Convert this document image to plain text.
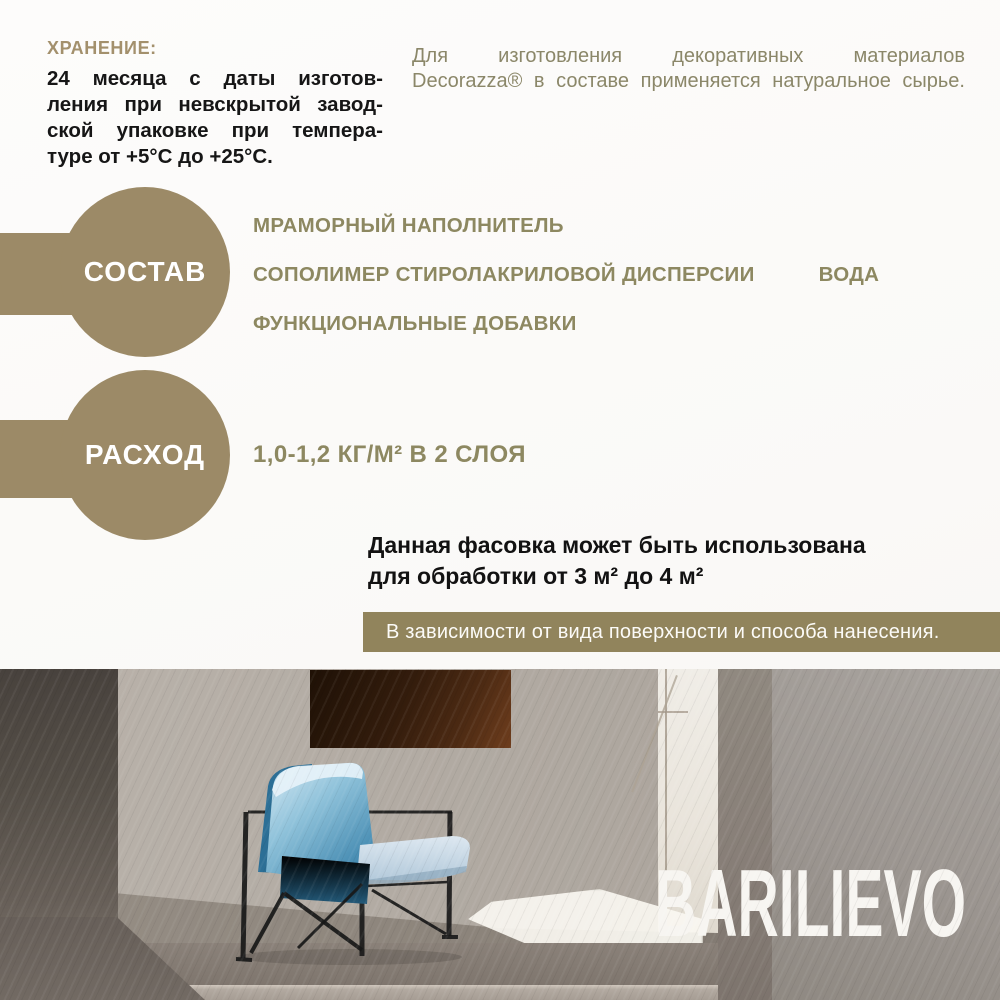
ХРАНЕНИЕ:
24 месяца с даты изготов-
ления при невскрытой завод-
ской упаковке при темпера-
туре от +5°С до +25°С.
Для изготовления декоративных материалов
Decorazza® в составе применяется натуральное сырье.
СОСТАВ
МРАМОРНЫЙ НАПОЛНИТЕЛЬ
СОПОЛИМЕР СТИРОЛАКРИЛОВОЙ ДИСПЕРСИИ	ВОДА
ФУНКЦИОНАЛЬНЫЕ ДОБАВКИ
РАСХОД 1,0-1,2 КГ/М² В 2 СЛОЯ
Данная фасовка может быть использована
для обработки от 3 м² до 4 м²
В зависимости от вида поверхности и способа нанесения.
BARILIEVO
